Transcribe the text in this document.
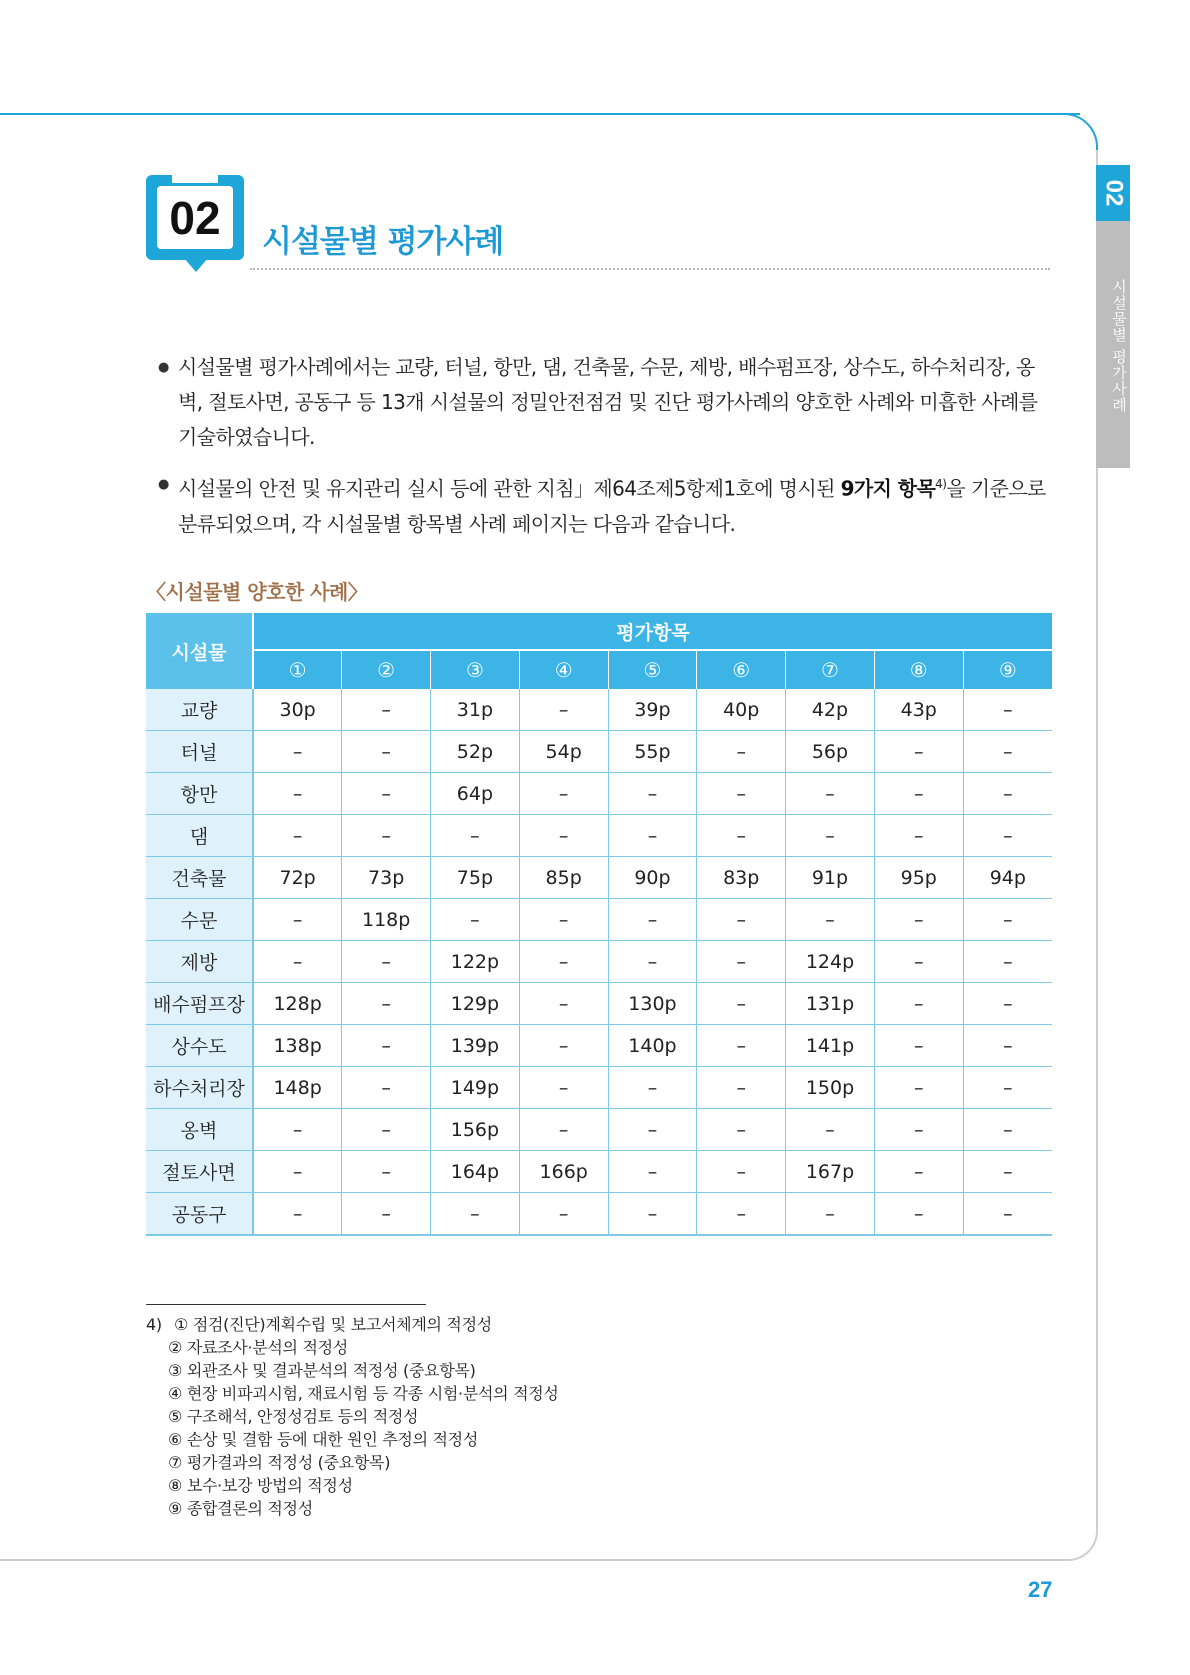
02
시설물별 평가사례
02	시설물별 평가사례
● 시설물별 평가사례에서는 교량, 터널, 항만, 댐, 건축물, 수문, 제방, 배수펌프장, 상수도, 하수처리장, 옹벽, 절토사면, 공동구 등 13개 시설물의 정밀안전점검 및 진단 평가사례의 양호한 사례와 미흡한 사례를 기술하였습니다.
● 시설물의 안전 및 유지관리 실시 등에 관한 지침」제64조제5항제1호에 명시된 9가지 항목$^{4)}$을 기준으로 분류되었으며, 각 시설물별 항목별 사례 페이지는 다음과 같습니다.
〈시설물별 양호한 사례〉
시설물	평가항목								
	①	②	③	④	⑤	⑥	⑦	⑧	⑨
교량	30p	–	31p	–	39p	40p	42p	43p	–
터널	–	–	52p	54p	55p	–	56p	–	–
항만	–	–	64p	–	–	–	–	–	–
댐	–	–	–	–	–	–	–	–	–
건축물	72p	73p	75p	85p	90p	83p	91p	95p	94p
수문	–	118p	–	–	–	–	–	–	–
제방	–	–	122p	–	–	–	124p	–	–
배수펌프장	128p	–	129p	–	130p	–	131p	–	–
상수도	138p	–	139p	–	140p	–	141p	–	–
하수처리장	148p	–	149p	–	–	–	150p	–	–
옹벽	–	–	156p	–	–	–	–	–	–
절토사면	–	–	164p	166p	–	–	167p	–	–
공동구	–	–	–	–	–	–	–	–	–
4) ① 점검(진단)계획수립 및 보고서체계의 적정성
② 자료조사·분석의 적정성
③ 외관조사 및 결과분석의 적정성 (중요항목)
④ 현장 비파괴시험, 재료시험 등 각종 시험·분석의 적정성
⑤ 구조해석, 안정성검토 등의 적정성
⑥ 손상 및 결함 등에 대한 원인 추정의 적정성
⑦ 평가결과의 적정성 (중요항목)
⑧ 보수·보강 방법의 적정성
⑨ 종합결론의 적정성
27
